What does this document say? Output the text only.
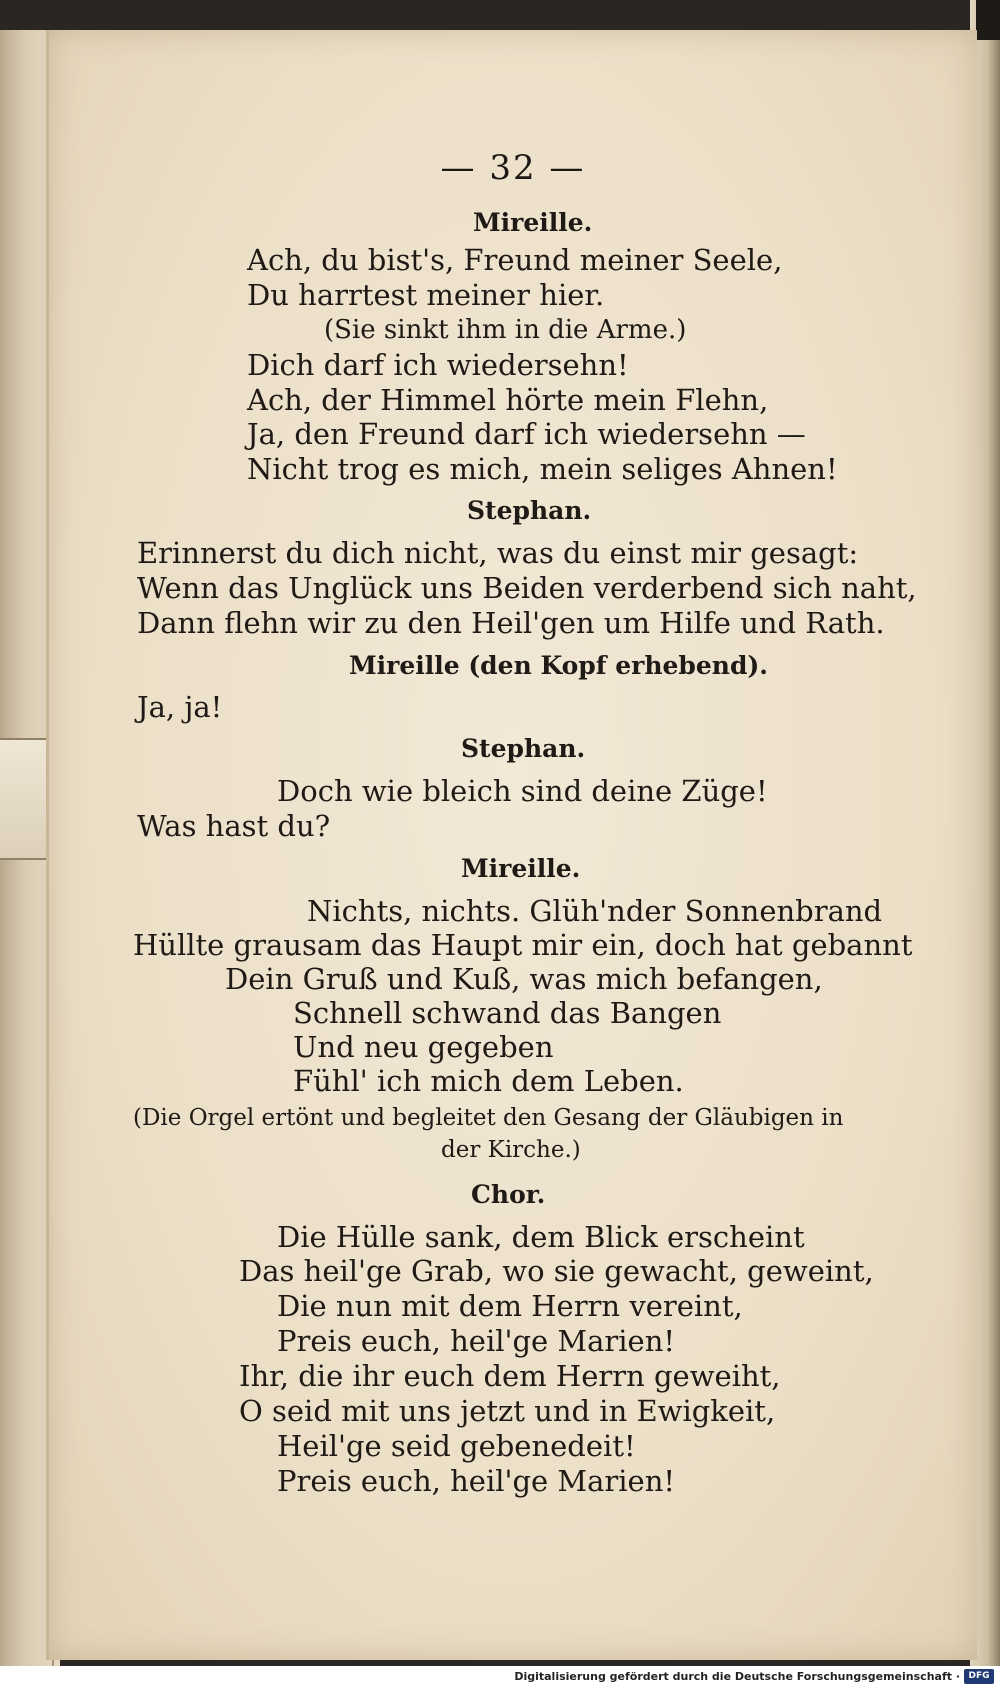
— 32 —
Mireille.
Ach, du bist's, Freund meiner Seele,
Du harrtest meiner hier.
(Sie sinkt ihm in die Arme.)
Dich darf ich wiedersehn!
Ach, der Himmel hörte mein Flehn,
Ja, den Freund darf ich wiedersehn —
Nicht trog es mich, mein seliges Ahnen!
Stephan.
Erinnerst du dich nicht, was du einst mir gesagt:
Wenn das Unglück uns Beiden verderbend sich naht,
Dann flehn wir zu den Heil'gen um Hilfe und Rath.
Mireille (den Kopf erhebend).
Ja, ja!
Stephan.
Doch wie bleich sind deine Züge!
Was hast du?
Mireille.
Nichts, nichts. Glüh'nder Sonnenbrand
Hüllte grausam das Haupt mir ein, doch hat gebannt
Dein Gruß und Kuß, was mich befangen,
Schnell schwand das Bangen
Und neu gegeben
Fühl' ich mich dem Leben.
(Die Orgel ertönt und begleitet den Gesang der Gläubigen in
der Kirche.)
Chor.
Die Hülle sank, dem Blick erscheint
Das heil'ge Grab, wo sie gewacht, geweint,
Die nun mit dem Herrn vereint,
Preis euch, heil'ge Marien!
Ihr, die ihr euch dem Herrn geweiht,
O seid mit uns jetzt und in Ewigkeit,
Heil'ge seid gebenedeit!
Preis euch, heil'ge Marien!
Digitalisierung gefördert durch die Deutsche Forschungsgemeinschaft · DFG
